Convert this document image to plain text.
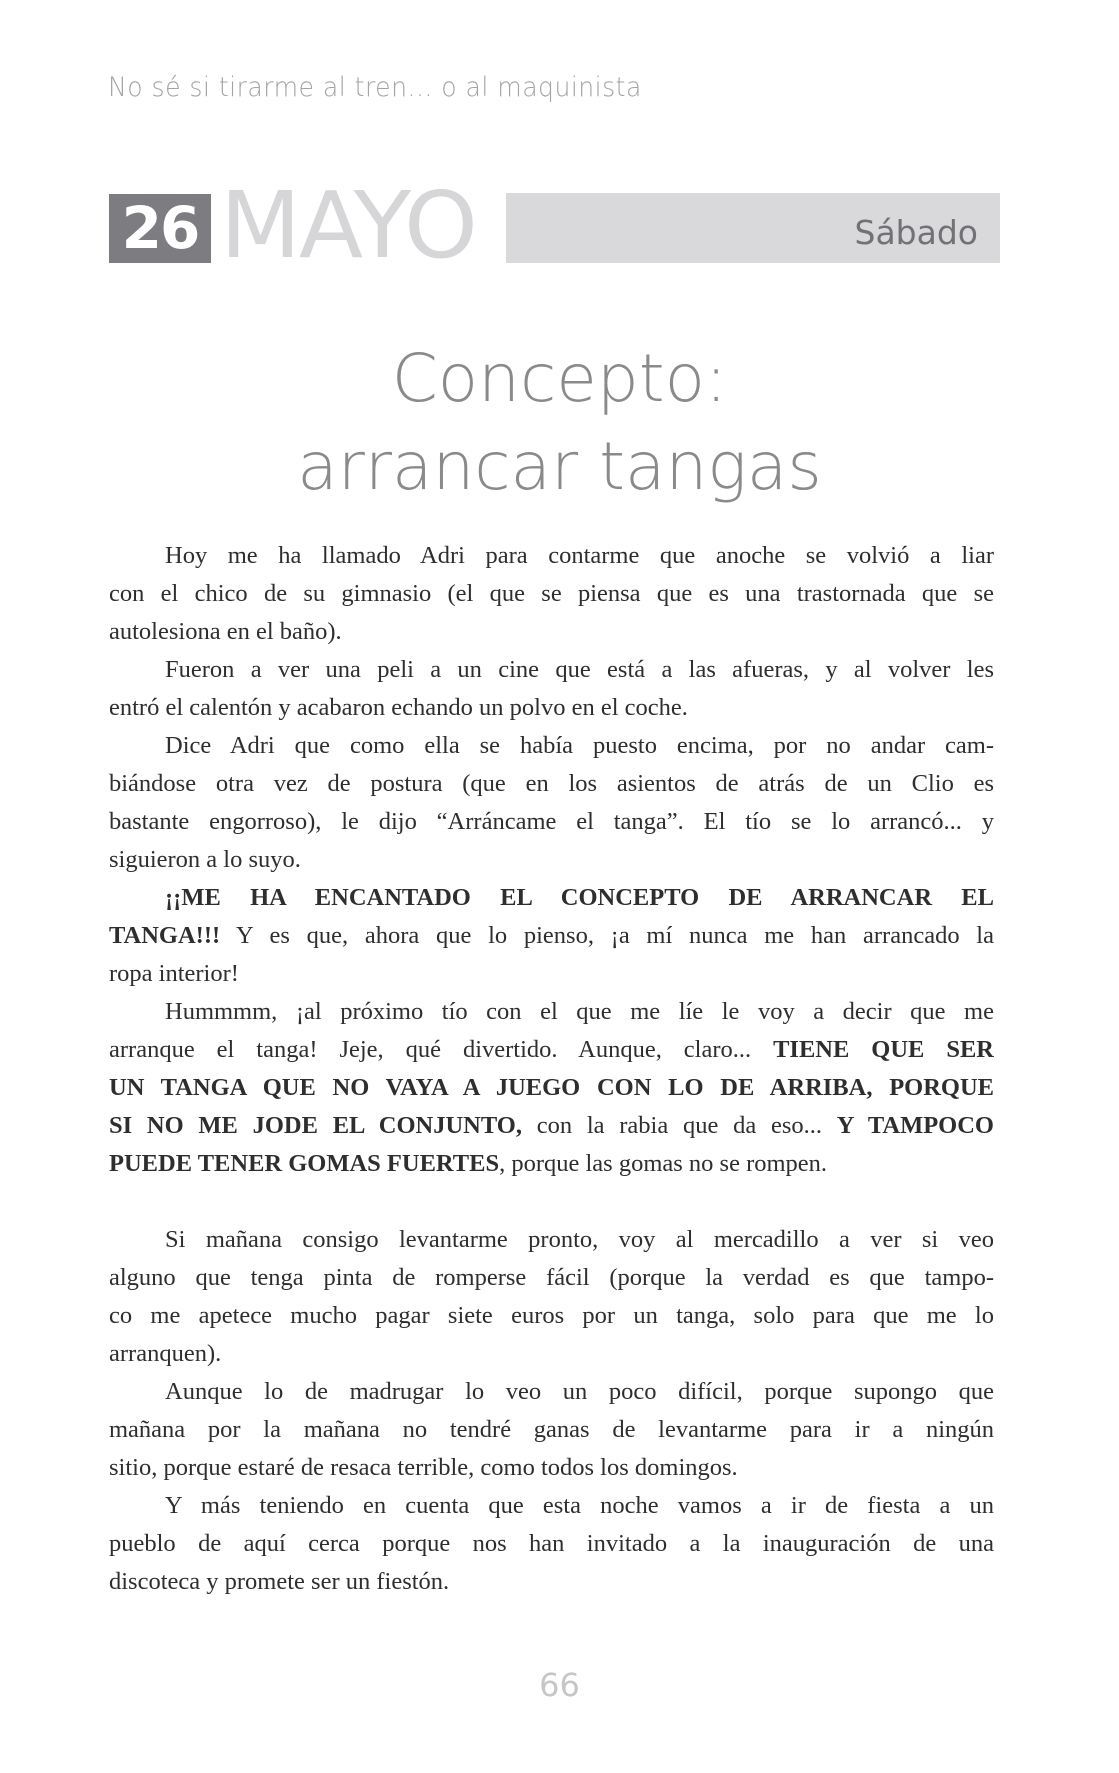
No sé si tirarme al tren... o al maquinista
26 MAYO	Sábado
Concepto:
arrancar tangas
Hoy me ha llamado Adri para contarme que anoche se volvió a liar
con el chico de su gimnasio (el que se piensa que es una trastornada que se
autolesiona en el baño).
Fueron a ver una peli a un cine que está a las afueras, y al volver les
entró el calentón y acabaron echando un polvo en el coche.
Dice Adri que como ella se había puesto encima, por no andar cam-
biándose otra vez de postura (que en los asientos de atrás de un Clio es
bastante engorroso), le dijo “Arráncame el tanga”. El tío se lo arrancó... y
siguieron a lo suyo.
¡¡ME HA ENCANTADO EL CONCEPTO DE ARRANCAR EL
TANGA!!! Y es que, ahora que lo pienso, ¡a mí nunca me han arrancado la
ropa interior!
Hummmm, ¡al próximo tío con el que me líe le voy a decir que me
arranque el tanga! Jeje, qué divertido. Aunque, claro... TIENE QUE SER
UN TANGA QUE NO VAYA A JUEGO CON LO DE ARRIBA, PORQUE
SI NO ME JODE EL CONJUNTO, con la rabia que da eso... Y TAMPOCO
PUEDE TENER GOMAS FUERTES, porque las gomas no se rompen.
Si mañana consigo levantarme pronto, voy al mercadillo a ver si veo
alguno que tenga pinta de romperse fácil (porque la verdad es que tampo-
co me apetece mucho pagar siete euros por un tanga, solo para que me lo
arranquen).
Aunque lo de madrugar lo veo un poco difícil, porque supongo que
mañana por la mañana no tendré ganas de levantarme para ir a ningún
sitio, porque estaré de resaca terrible, como todos los domingos.
Y más teniendo en cuenta que esta noche vamos a ir de fiesta a un
pueblo de aquí cerca porque nos han invitado a la inauguración de una
discoteca y promete ser un fiestón.
66
